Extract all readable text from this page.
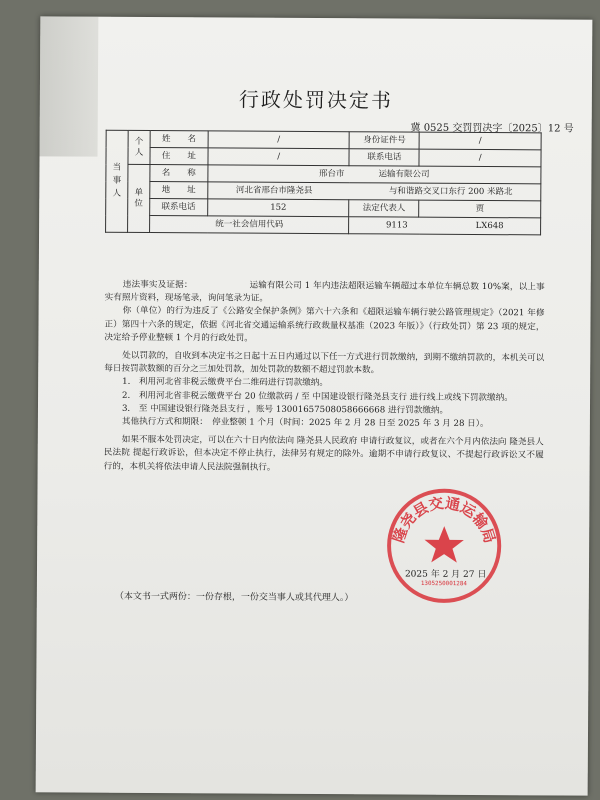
行政处罚决定书
冀 0525 交罚罚决字〔2025〕12 号
当
事
人	个人	姓　　名	/	身份证件号	/
		住　　址	/	联系电话	/
	单位	名　　称	邢台市　　　　运输有限公司		
		地　　址	河北省邢台市隆尧县　　　　　　　　　与和谐路交叉口东行 200 米路北		
		联系电话	152　　　　　	法定代表人	贾　　
		统一社会信用代码		9113　　　　　　　　LX648	

违法事实及证据：　　　　　　　运输有限公司 1 年内违法超限运输车辆超过本单位车辆总数 10%案，以上事实有照片资料，现场笔录，询问笔录为证。

你（单位）的行为违反了《公路安全保护条例》第六十六条和《超限运输车辆行驶公路管理规定》（2021 年修正）第四十六条的规定，依据《河北省交通运输系统行政裁量权基准（2023 年版）》（行政处罚）第 23 项的规定，决定给予停业整顿 1 个月的行政处罚。

处以罚款的，自收到本决定书之日起十五日内通过以下任一方式进行罚款缴纳，到期不缴纳罚款的，本机关可以每日按罚款数额的百分之三加处罚款，加处罚款的数额不超过罚款本数。

1.　利用河北省非税云缴费平台二维码进行罚款缴纳。

2.　利用河北省非税云缴费平台 20 位缴款码 / 至 中国建设银行隆尧县支行 进行线上或线下罚款缴纳。

3.　至 中国建设银行隆尧县支行 ，账号 13001657508058666668 进行罚款缴纳。

其他执行方式和期限：　停业整顿 1 个月（时间：2025 年 2 月 28 日至 2025 年 3 月 28 日）。

如果不服本处罚决定，可以在六十日内依法向 隆尧县人民政府 申请行政复议，或者在六个月内依法向 隆尧县人民法院 提起行政诉讼，但本决定不停止执行，法律另有规定的除外。逾期不申请行政复议、不提起行政诉讼又不履行的，本机关将依法申请人民法院强制执行。

2025 年 2 月 27 日
（本文书一式两份：一份存根，一份交当事人或其代理人。）
隆尧县交通运输局
1305250001284
